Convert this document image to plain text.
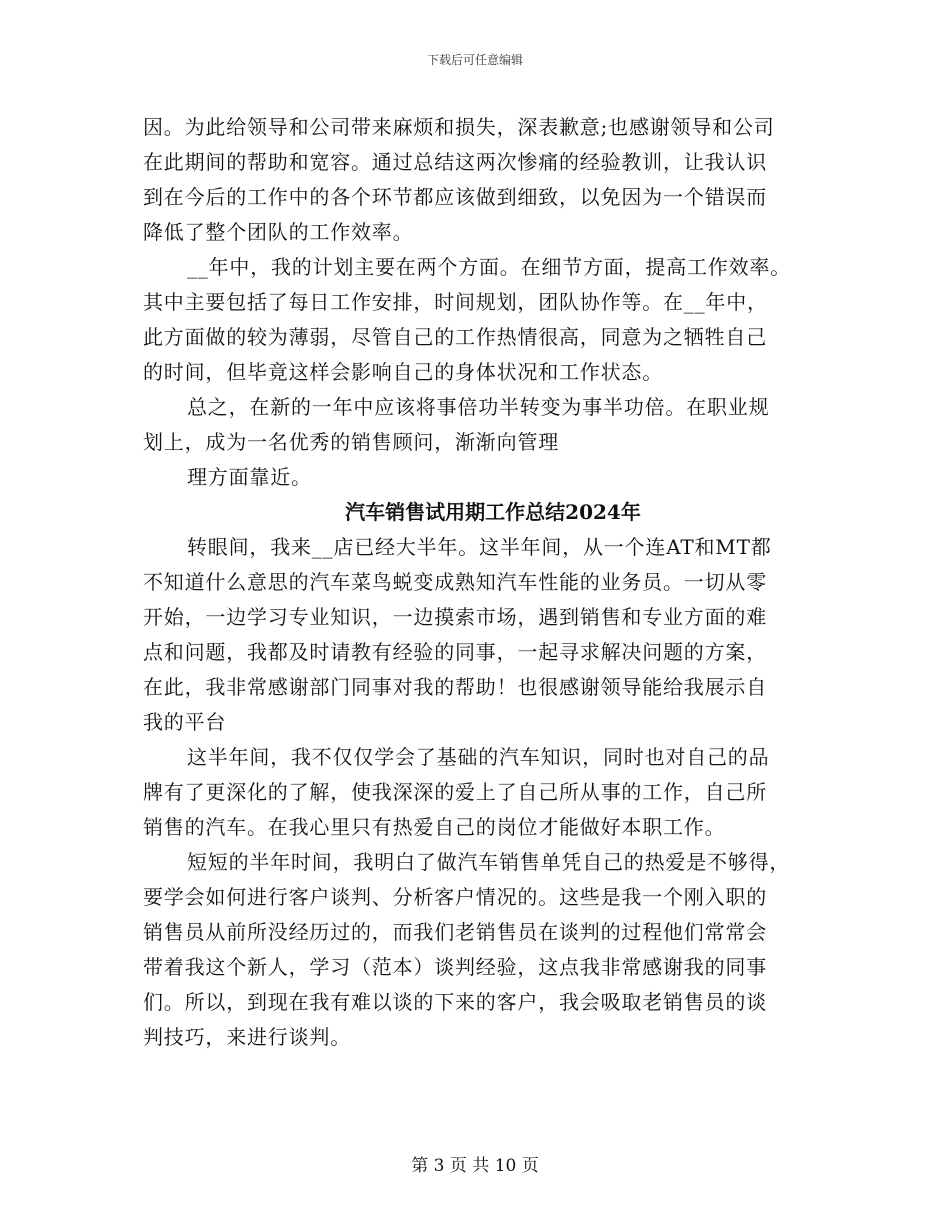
下载后可任意编辑
因。为此给领导和公司带来麻烦和损失，深表歉意;也感谢领导和公司
在此期间的帮助和宽容。通过总结这两次惨痛的经验教训，让我认识
到在今后的工作中的各个环节都应该做到细致，以免因为一个错误而
降低了整个团队的工作效率。
__年中，我的计划主要在两个方面。在细节方面，提高工作效率。
其中主要包括了每日工作安排，时间规划，团队协作等。在__年中，
此方面做的较为薄弱，尽管自己的工作热情很高，同意为之牺牲自己
的时间，但毕竟这样会影响自己的身体状况和工作状态。
总之，在新的一年中应该将事倍功半转变为事半功倍。在职业规
划上，成为一名优秀的销售顾问，渐渐向管理
理方面靠近。
汽车销售试用期工作总结2024年
转眼间，我来__店已经大半年。这半年间，从一个连AT和MT都
不知道什么意思的汽车菜鸟蜕变成熟知汽车性能的业务员。一切从零
开始，一边学习专业知识，一边摸索市场，遇到销售和专业方面的难
点和问题，我都及时请教有经验的同事，一起寻求解决问题的方案，
在此，我非常感谢部门同事对我的帮助！也很感谢领导能给我展示自
我的平台
这半年间，我不仅仅学会了基础的汽车知识，同时也对自己的品
牌有了更深化的了解，使我深深的爱上了自己所从事的工作，自己所
销售的汽车。在我心里只有热爱自己的岗位才能做好本职工作。
短短的半年时间，我明白了做汽车销售单凭自己的热爱是不够得，
要学会如何进行客户谈判、分析客户情况的。这些是我一个刚入职的
销售员从前所没经历过的，而我们老销售员在谈判的过程他们常常会
带着我这个新人，学习（范本）谈判经验，这点我非常感谢我的同事
们。所以，到现在我有难以谈的下来的客户，我会吸取老销售员的谈
判技巧，来进行谈判。
第 3 页 共 10 页
